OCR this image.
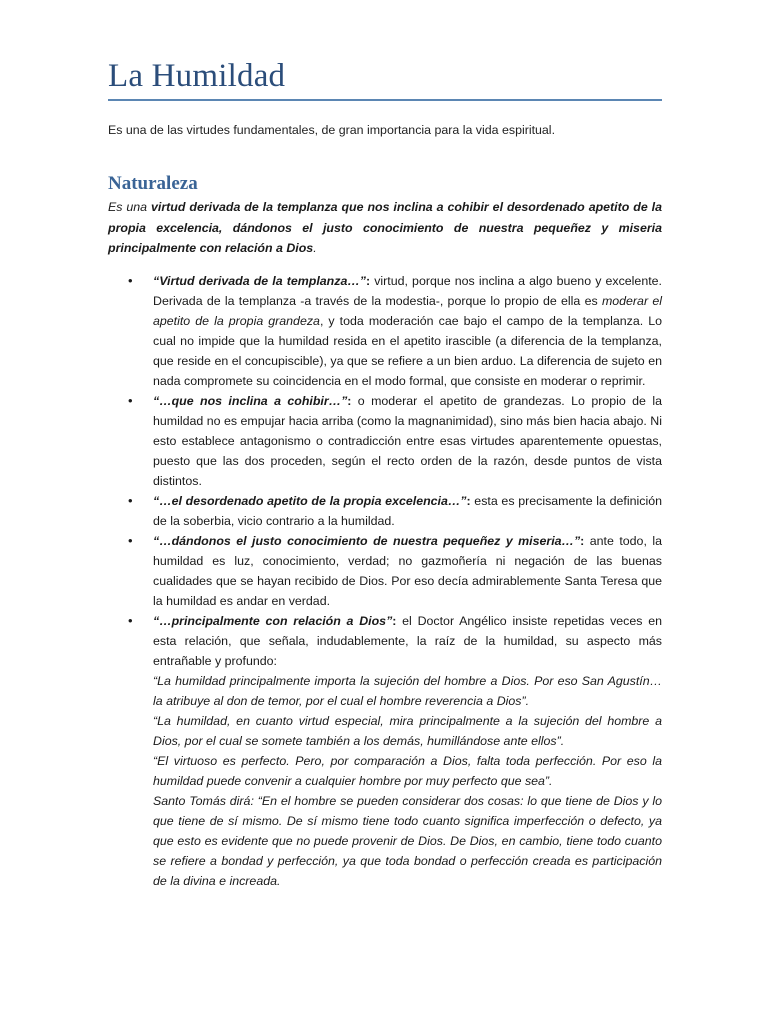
La Humildad

Es una de las virtudes fundamentales, de gran importancia para la vida espiritual.

Naturaleza

Es una virtud derivada de la templanza que nos inclina a cohibir el desordenado apetito de la propia excelencia, dándonos el justo conocimiento de nuestra pequeñez y miseria principalmente con relación a Dios.

• “Virtud derivada de la templanza…”: virtud, porque nos inclina a algo bueno y excelente. Derivada de la templanza -a través de la modestia-, porque lo propio de ella es moderar el apetito de la propia grandeza, y toda moderación cae bajo el campo de la templanza. Lo cual no impide que la humildad resida en el apetito irascible (a diferencia de la templanza, que reside en el concupiscible), ya que se refiere a un bien arduo. La diferencia de sujeto en nada compromete su coincidencia en el modo formal, que consiste en moderar o reprimir.
• “…que nos inclina a cohibir…”: o moderar el apetito de grandezas. Lo propio de la humildad no es empujar hacia arriba (como la magnanimidad), sino más bien hacia abajo. Ni esto establece antagonismo o contradicción entre esas virtudes aparentemente opuestas, puesto que las dos proceden, según el recto orden de la razón, desde puntos de vista distintos.
• “…el desordenado apetito de la propia excelencia…”: esta es precisamente la definición de la soberbia, vicio contrario a la humildad.
• “…dándonos el justo conocimiento de nuestra pequeñez y miseria…”: ante todo, la humildad es luz, conocimiento, verdad; no gazmoñería ni negación de las buenas cualidades que se hayan recibido de Dios. Por eso decía admirablemente Santa Teresa que la humildad es andar en verdad.
• “…principalmente con relación a Dios”: el Doctor Angélico insiste repetidas veces en esta relación, que señala, indudablemente, la raíz de la humildad, su aspecto más entrañable y profundo:
“La humildad principalmente importa la sujeción del hombre a Dios. Por eso San Agustín… la atribuye al don de temor, por el cual el hombre reverencia a Dios”.
“La humildad, en cuanto virtud especial, mira principalmente a la sujeción del hombre a Dios, por el cual se somete también a los demás, humillándose ante ellos”.
“El virtuoso es perfecto. Pero, por comparación a Dios, falta toda perfección. Por eso la humildad puede convenir a cualquier hombre por muy perfecto que sea”.
Santo Tomás dirá: “En el hombre se pueden considerar dos cosas: lo que tiene de Dios y lo que tiene de sí mismo. De sí mismo tiene todo cuanto significa imperfección o defecto, ya que esto es evidente que no puede provenir de Dios. De Dios, en cambio, tiene todo cuanto se refiere a bondad y perfección, ya que toda bondad o perfección creada es participación de la divina e increada.
